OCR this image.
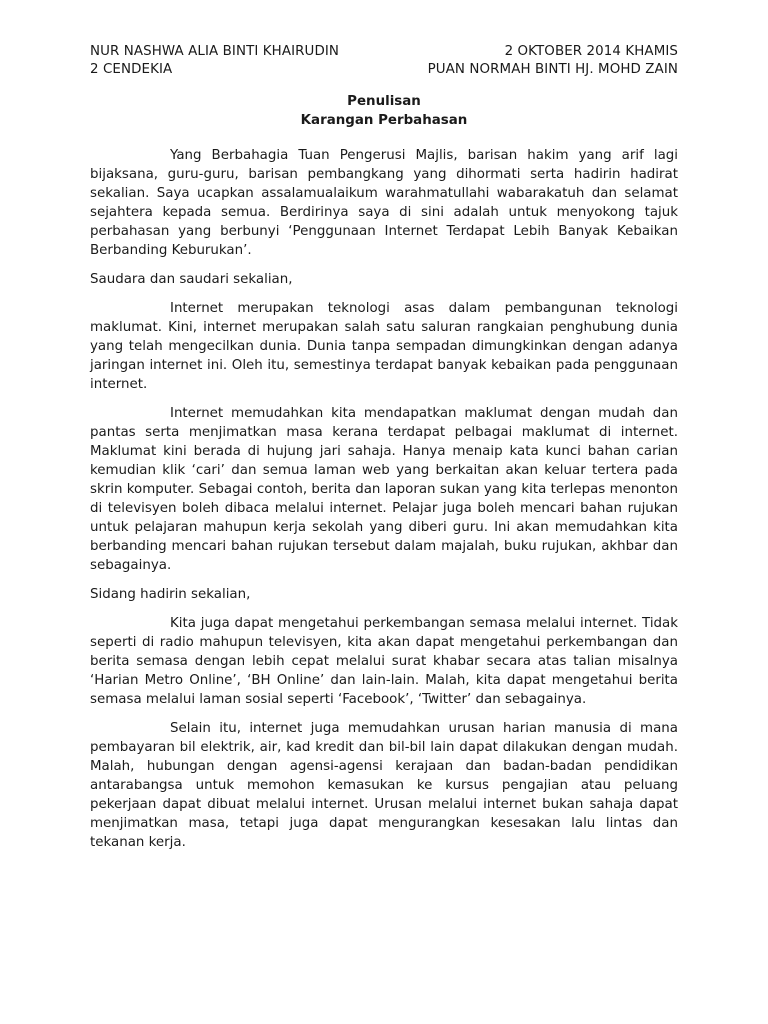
NUR NASHWA ALIA BINTI KHAIRUDIN	2 OKTOBER 2014 KHAMIS
2 CENDEKIA	PUAN NORMAH BINTI HJ. MOHD ZAIN
Penulisan
Karangan Perbahasan

Yang Berbahagia Tuan Pengerusi Majlis, barisan hakim yang arif lagi bijaksana, guru-guru, barisan pembangkang yang dihormati serta hadirin hadirat sekalian. Saya ucapkan assalamualaikum warahmatullahi wabarakatuh dan selamat sejahtera kepada semua. Berdirinya saya di sini adalah untuk menyokong tajuk perbahasan yang berbunyi ‘Penggunaan Internet Terdapat Lebih Banyak Kebaikan Berbanding Keburukan’.

Saudara dan saudari sekalian,

Internet merupakan teknologi asas dalam pembangunan teknologi maklumat. Kini, internet merupakan salah satu saluran rangkaian penghubung dunia yang telah mengecilkan dunia. Dunia tanpa sempadan dimungkinkan dengan adanya jaringan internet ini. Oleh itu, semestinya terdapat banyak kebaikan pada penggunaan internet.

Internet memudahkan kita mendapatkan maklumat dengan mudah dan pantas serta menjimatkan masa kerana terdapat pelbagai maklumat di internet. Maklumat kini berada di hujung jari sahaja. Hanya menaip kata kunci bahan carian kemudian klik ‘cari’ dan semua laman web yang berkaitan akan keluar tertera pada skrin komputer. Sebagai contoh, berita dan laporan sukan yang kita terlepas menonton di televisyen boleh dibaca melalui internet. Pelajar juga boleh mencari bahan rujukan untuk pelajaran mahupun kerja sekolah yang diberi guru. Ini akan memudahkan kita berbanding mencari bahan rujukan tersebut dalam majalah, buku rujukan, akhbar dan sebagainya.

Sidang hadirin sekalian,

Kita juga dapat mengetahui perkembangan semasa melalui internet. Tidak seperti di radio mahupun televisyen, kita akan dapat mengetahui perkembangan dan berita semasa dengan lebih cepat melalui surat khabar secara atas talian misalnya ‘Harian Metro Online’, ‘BH Online’ dan lain-lain. Malah, kita dapat mengetahui berita semasa melalui laman sosial seperti ‘Facebook’, ‘Twitter’ dan sebagainya.

Selain itu, internet juga memudahkan urusan harian manusia di mana pembayaran bil elektrik, air, kad kredit dan bil-bil lain dapat dilakukan dengan mudah. Malah, hubungan dengan agensi-agensi kerajaan dan badan-badan pendidikan antarabangsa untuk memohon kemasukan ke kursus pengajian atau peluang pekerjaan dapat dibuat melalui internet. Urusan melalui internet bukan sahaja dapat menjimatkan masa, tetapi juga dapat mengurangkan kesesakan lalu lintas dan tekanan kerja.
